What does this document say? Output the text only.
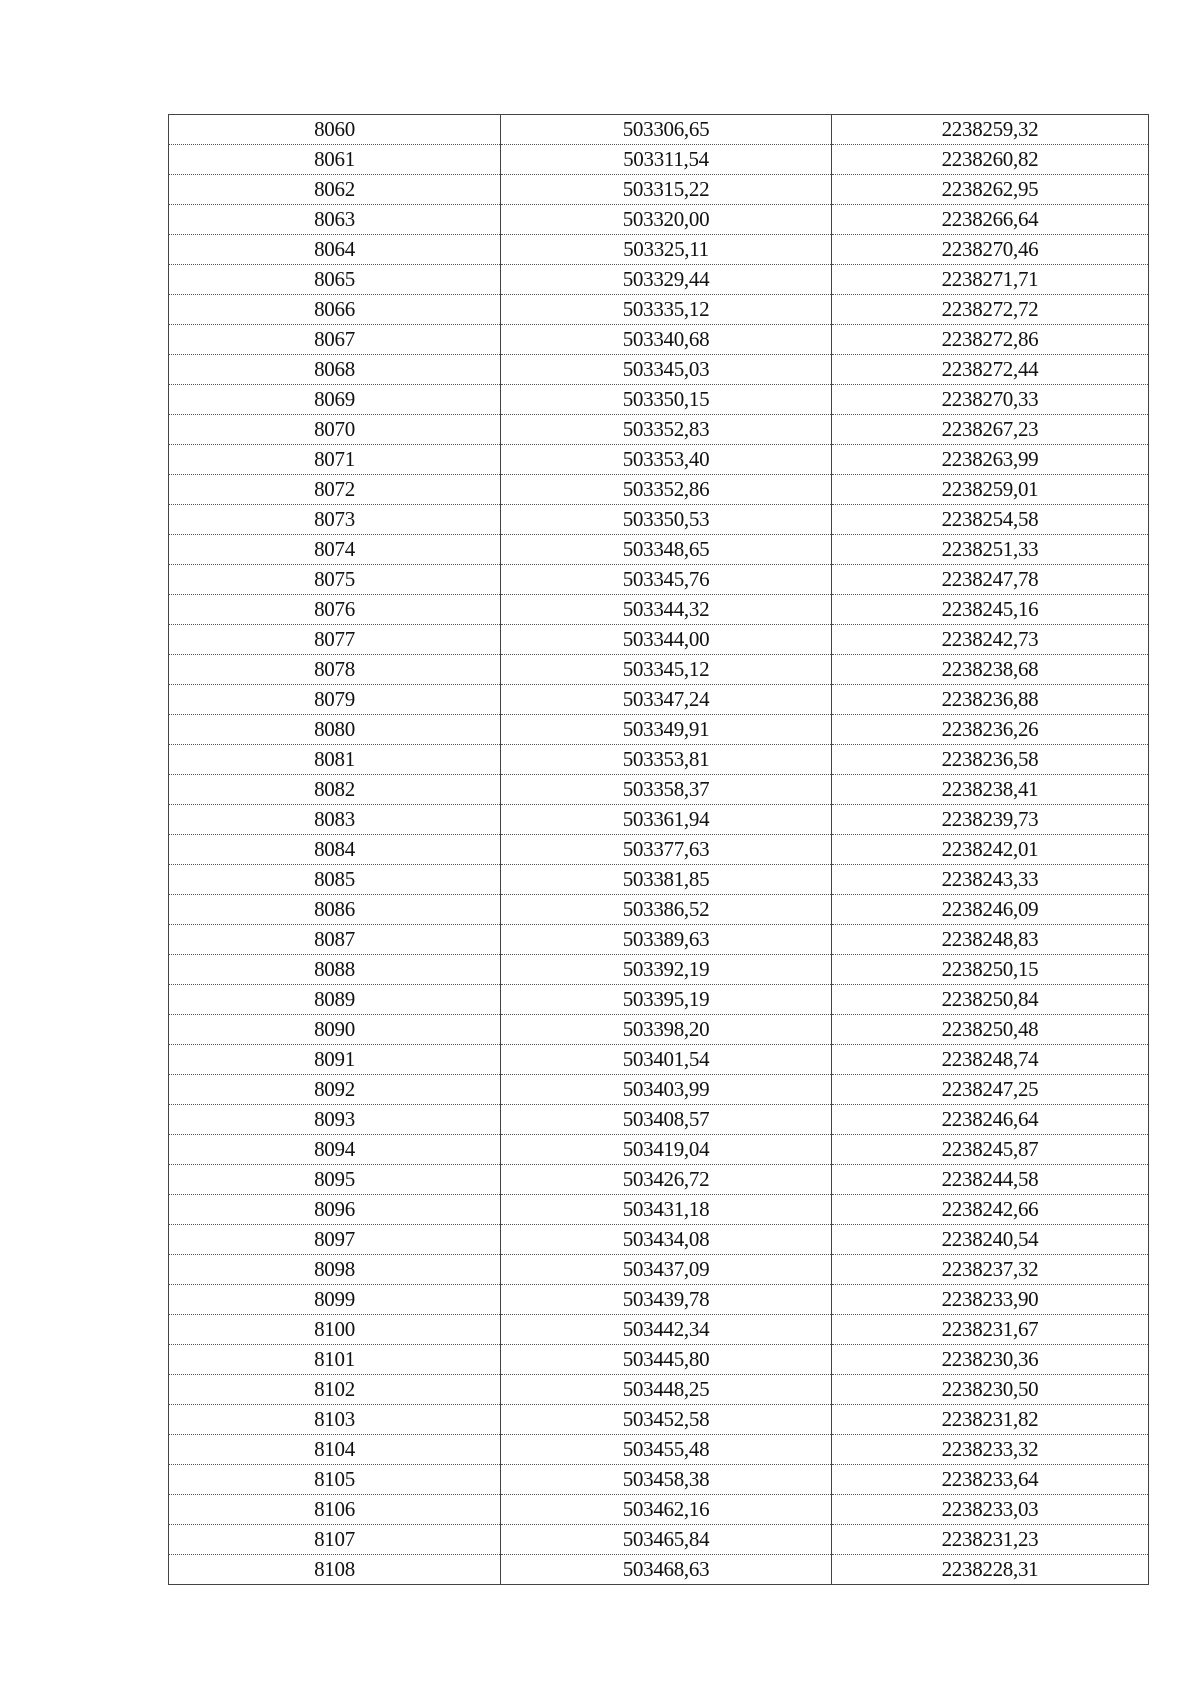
8060	503306,65	2238259,32
8061	503311,54	2238260,82
8062	503315,22	2238262,95
8063	503320,00	2238266,64
8064	503325,11	2238270,46
8065	503329,44	2238271,71
8066	503335,12	2238272,72
8067	503340,68	2238272,86
8068	503345,03	2238272,44
8069	503350,15	2238270,33
8070	503352,83	2238267,23
8071	503353,40	2238263,99
8072	503352,86	2238259,01
8073	503350,53	2238254,58
8074	503348,65	2238251,33
8075	503345,76	2238247,78
8076	503344,32	2238245,16
8077	503344,00	2238242,73
8078	503345,12	2238238,68
8079	503347,24	2238236,88
8080	503349,91	2238236,26
8081	503353,81	2238236,58
8082	503358,37	2238238,41
8083	503361,94	2238239,73
8084	503377,63	2238242,01
8085	503381,85	2238243,33
8086	503386,52	2238246,09
8087	503389,63	2238248,83
8088	503392,19	2238250,15
8089	503395,19	2238250,84
8090	503398,20	2238250,48
8091	503401,54	2238248,74
8092	503403,99	2238247,25
8093	503408,57	2238246,64
8094	503419,04	2238245,87
8095	503426,72	2238244,58
8096	503431,18	2238242,66
8097	503434,08	2238240,54
8098	503437,09	2238237,32
8099	503439,78	2238233,90
8100	503442,34	2238231,67
8101	503445,80	2238230,36
8102	503448,25	2238230,50
8103	503452,58	2238231,82
8104	503455,48	2238233,32
8105	503458,38	2238233,64
8106	503462,16	2238233,03
8107	503465,84	2238231,23
8108	503468,63	2238228,31
